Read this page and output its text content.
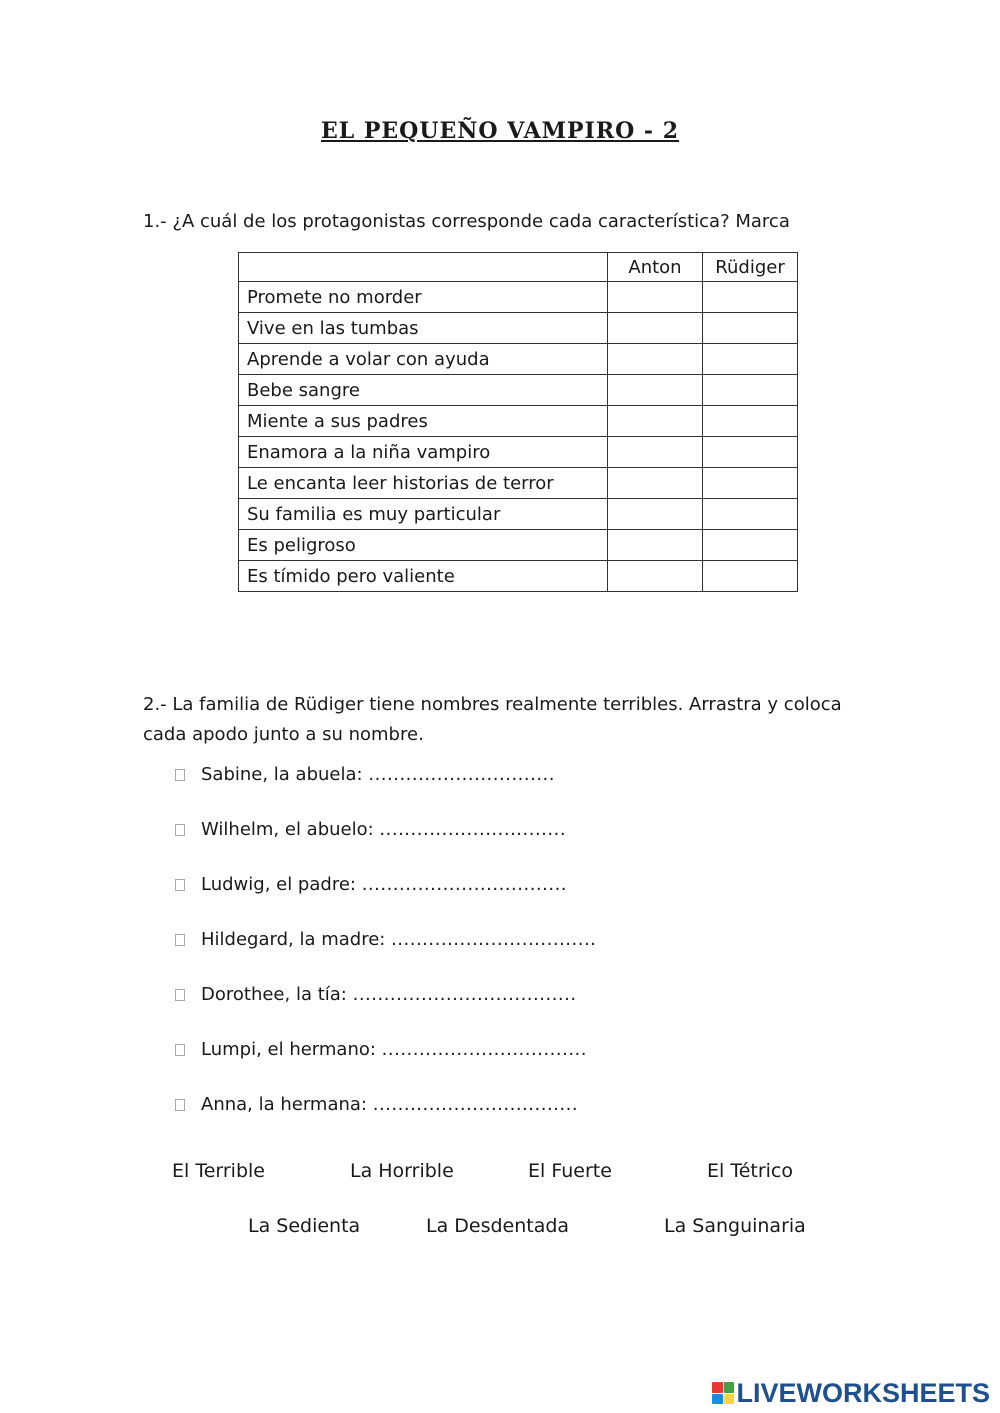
EL PEQUEÑO VAMPIRO - 2
1.- ¿A cuál de los protagonistas corresponde cada característica? Marca
	Anton	Rüdiger
Promete no morder		
Vive en las tumbas		
Aprende a volar con ayuda		
Bebe sangre		
Miente a sus padres		
Enamora a la niña vampiro		
Le encanta leer historias de terror		
Su familia es muy particular		
Es peligroso		
Es tímido pero valiente		
2.- La familia de Rüdiger tiene nombres realmente terribles. Arrastra y coloca cada apodo junto a su nombre.
Sabine, la abuela: ..............................
Wilhelm, el abuelo: ..............................
Ludwig, el padre: .................................
Hildegard, la madre: .................................
Dorothee, la tía: ....................................
Lumpi, el hermano: .................................
Anna, la hermana: .................................
El Terrible	La Horrible	El Fuerte	El Tétrico
La Sedienta	La Desdentada	La Sanguinaria
LIVEWORKSHEETS
